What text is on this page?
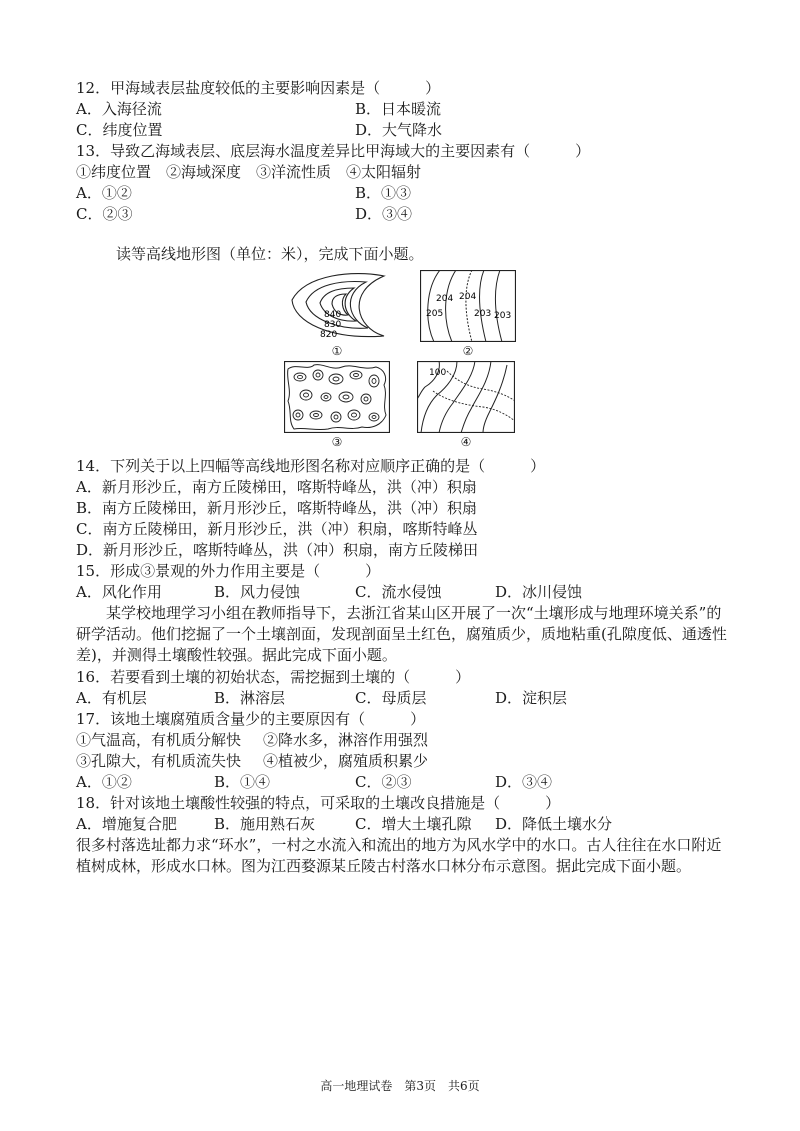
12．甲海域表层盐度较低的主要影响因素是（　　　）
A．入海径流	B．日本暖流
C．纬度位置	D．大气降水
13．导致乙海域表层、底层海水温度差异比甲海域大的主要因素有（　　　）
①纬度位置　②海域深度　③洋流性质　④太阳辐射
A．①②	B．①③
C．②③	D．③④
读等高线地形图（单位：米），完成下面小题。
840
830
820
①
204 204
205	203 203
②
③
100
④
14．下列关于以上四幅等高线地形图名称对应顺序正确的是（　　　）
A．新月形沙丘，南方丘陵梯田，喀斯特峰丛，洪（冲）积扇
B．南方丘陵梯田，新月形沙丘，喀斯特峰丛，洪（冲）积扇
C．南方丘陵梯田，新月形沙丘，洪（冲）积扇，喀斯特峰丛
D．新月形沙丘，喀斯特峰丛，洪（冲）积扇，南方丘陵梯田
15．形成③景观的外力作用主要是（　　　）
A．风化作用	B．风力侵蚀	C．流水侵蚀	D．冰川侵蚀
某学校地理学习小组在教师指导下，去浙江省某山区开展了一次“土壤形成与地理环境关系”的研学活动。他们挖掘了一个土壤剖面，发现剖面呈土红色，腐殖质少，质地粘重(孔隙度低、通透性差)，并测得土壤酸性较强。据此完成下面小题。
16．若要看到土壤的初始状态，需挖掘到土壤的（　　　）
A．有机层	B．淋溶层	C．母质层	D．淀积层
17．该地土壤腐殖质含量少的主要原因有（　　　）
①气温高，有机质分解快 ②降水多，淋溶作用强烈
③孔隙大，有机质流失快 ④植被少，腐殖质积累少
A．①②	B．①④	C．②③	D．③④
18．针对该地土壤酸性较强的特点，可采取的土壤改良措施是（　　　）
A．增施复合肥 B．施用熟石灰	C．增大土壤孔隙 D．降低土壤水分
很多村落选址都力求“环水”，一村之水流入和流出的地方为风水学中的水口。古人往往在水口附近植树成林，形成水口林。图为江西婺源某丘陵古村落水口林分布示意图。据此完成下面小题。
高一地理试卷　第3页　共6页
